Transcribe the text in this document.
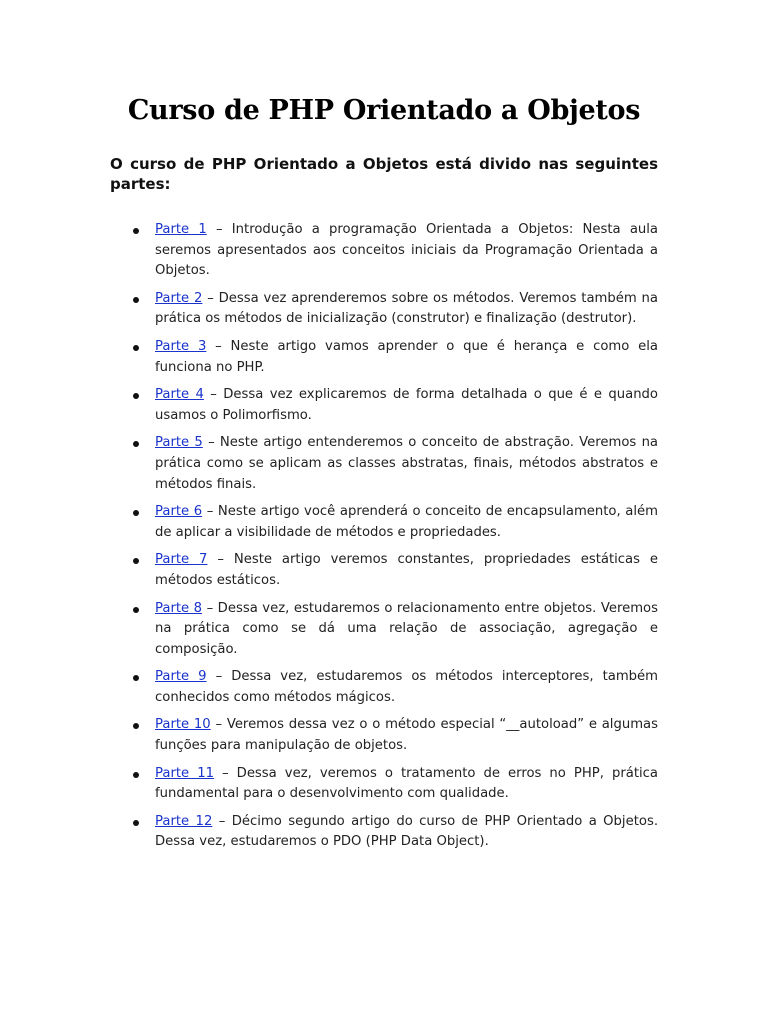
Curso de PHP Orientado a Objetos

O curso de PHP Orientado a Objetos está divido nas seguintes partes:

Parte 1 – Introdução a programação Orientada a Objetos: Nesta aula seremos apresentados aos conceitos iniciais da Programação Orientada a Objetos.
Parte 2 – Dessa vez aprenderemos sobre os métodos. Veremos também na prática os métodos de inicialização (construtor) e finalização (destrutor).
Parte 3 – Neste artigo vamos aprender o que é herança e como ela funciona no PHP.
Parte 4 – Dessa vez explicaremos de forma detalhada o que é e quando usamos o Polimorfismo.
Parte 5 – Neste artigo entenderemos o conceito de abstração. Veremos na prática como se aplicam as classes abstratas, finais, métodos abstratos e métodos finais.
Parte 6 – Neste artigo você aprenderá o conceito de encapsulamento, além de aplicar a visibilidade de métodos e propriedades.
Parte 7 – Neste artigo veremos constantes, propriedades estáticas e métodos estáticos.
Parte 8 – Dessa vez, estudaremos o relacionamento entre objetos. Veremos na prática como se dá uma relação de associação, agregação e composição.
Parte 9 – Dessa vez, estudaremos os métodos interceptores, também conhecidos como métodos mágicos.
Parte 10 – Veremos dessa vez o o método especial “__autoload” e algumas funções para manipulação de objetos.
Parte 11 – Dessa vez, veremos o tratamento de erros no PHP, prática fundamental para o desenvolvimento com qualidade.
Parte 12 – Décimo segundo artigo do curso de PHP Orientado a Objetos. Dessa vez, estudaremos o PDO (PHP Data Object).
